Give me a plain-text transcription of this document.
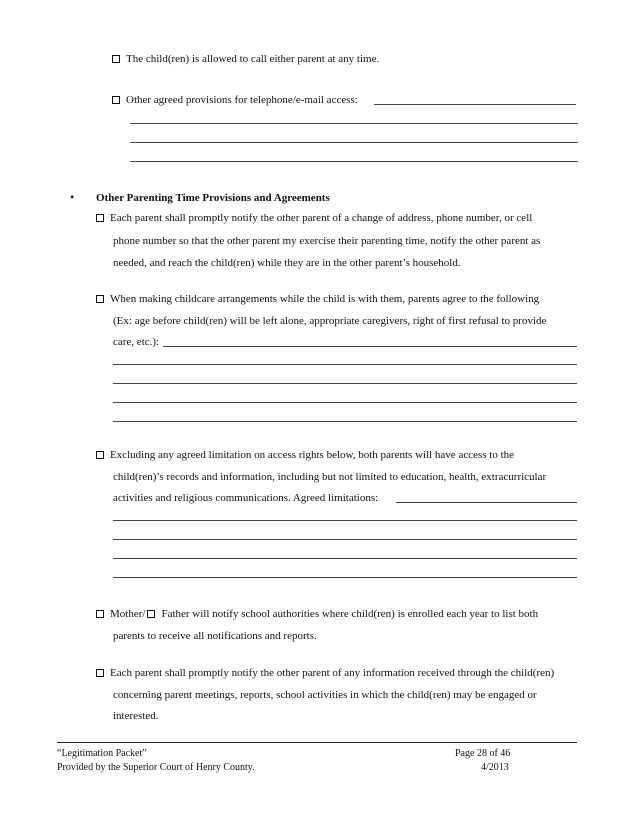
The child(ren) is allowed to call either parent at any time.
Other agreed provisions for telephone/e-mail access:
• Other Parenting Time Provisions and Agreements
Each parent shall promptly notify the other parent of a change of address, phone number, or cell
phone number so that the other parent my exercise their parenting time, notify the other parent as
needed, and reach the child(ren) while they are in the other parent’s household.
When making childcare arrangements while the child is with them, parents agree to the following
(Ex: age before child(ren) will be left alone, appropriate caregivers, right of first refusal to provide
care, etc.):
Excluding any agreed limitation on access rights below, both parents will have access to the
child(ren)’s records and information, including but not limited to education, health, extracurricular
activities and religious communications. Agreed limitations:
Mother/ Father will notify school authorities where child(ren) is enrolled each year to list both
parents to receive all notifications and reports.
Each parent shall promptly notify the other parent of any information received through the child(ren)
concerning parent meetings, reports, school activities in which the child(ren) may be engaged or
interested.
“Legitimation Packet”
Provided by the Superior Court of Henry County.
Page 28 of 46
4/2013
